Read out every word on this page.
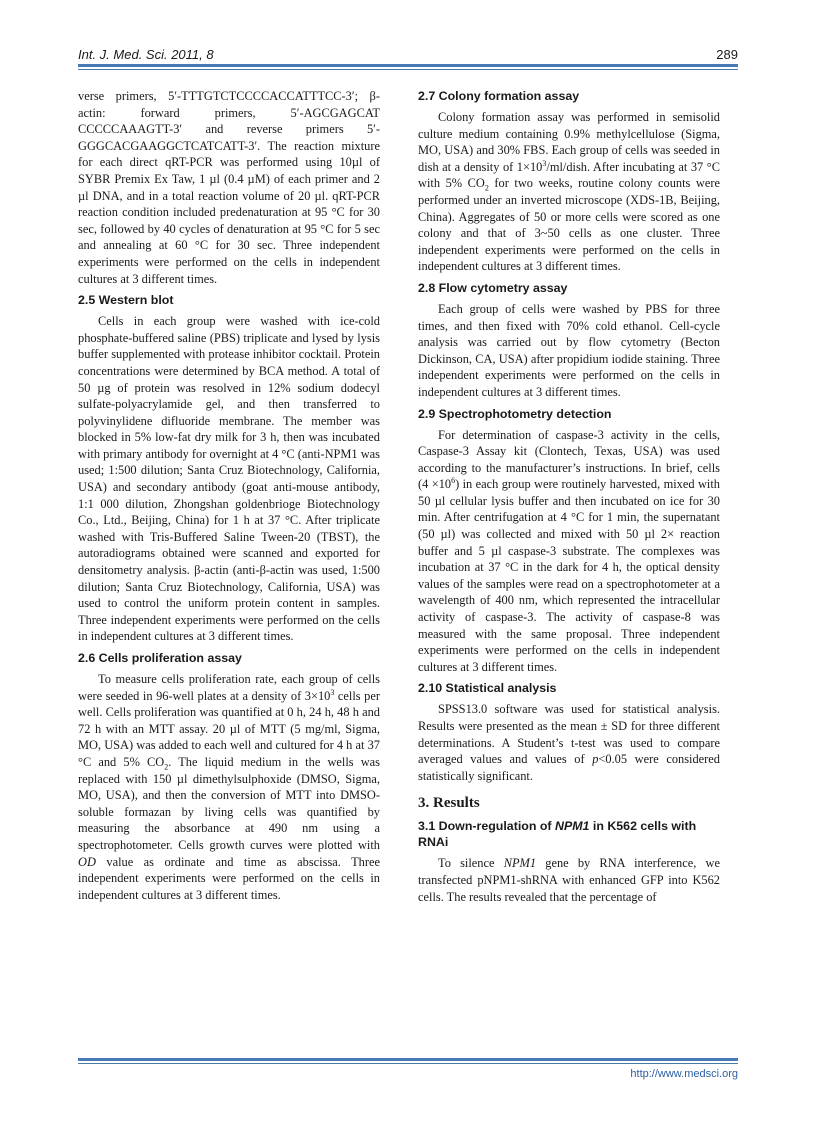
Int. J. Med. Sci. 2011, 8	289

verse primers, 5′-TTTGTCTCCCCACCATTTCC-3′; β-actin: forward primers, 5′-AGCGAGCAT CCCCCAAAGTT-3′ and reverse primers 5′-GGGCACGAAGGCTCATCATT-3′. The reaction mixture for each direct qRT-PCR was performed using 10µl of SYBR Premix Ex Taw, 1 µl (0.4 µM) of each primer and 2 µl DNA, and in a total reaction volume of 20 µl. qRT-PCR reaction condition included predenaturation at 95 °C for 30 sec, followed by 40 cycles of denaturation at 95 °C for 5 sec and annealing at 60 °C for 30 sec. Three independent experiments were performed on the cells in independent cultures at 3 different times.

2.5 Western blot

Cells in each group were washed with ice-cold phosphate-buffered saline (PBS) triplicate and lysed by lysis buffer supplemented with protease inhibitor cocktail. Protein concentrations were determined by BCA method. A total of 50 µg of protein was resolved in 12% sodium dodecyl sulfate-polyacrylamide gel, and then transferred to polyvinylidene difluoride membrane. The member was blocked in 5% low-fat dry milk for 3 h, then was incubated with primary antibody for overnight at 4 °C (anti-NPM1 was used; 1:500 dilution; Santa Cruz Biotechnology, California, USA) and secondary antibody (goat anti-mouse antibody, 1:1 000 dilution, Zhongshan goldenbrioge Biotechnology Co., Ltd., Beijing, China) for 1 h at 37 °C. After triplicate washed with Tris-Buffered Saline Tween-20 (TBST), the autoradiograms obtained were scanned and exported for densitometry analysis. β-actin (anti-β-actin was used, 1:500 dilution; Santa Cruz Biotechnology, California, USA) was used to control the uniform protein content in samples. Three independent experiments were performed on the cells in independent cultures at 3 different times.

2.6 Cells proliferation assay

To measure cells proliferation rate, each group of cells were seeded in 96-well plates at a density of $3\times 10^3$ cells per well. Cells proliferation was quantified at 0 h, 24 h, 48 h and 72 h with an MTT assay. 20 µl of MTT (5 mg/ml, Sigma, MO, USA) was added to each well and cultured for 4 h at 37 °C and 5% $CO_2$. The liquid medium in the wells was replaced with 150 µl dimethylsulphoxide (DMSO, Sigma, MO, USA), and then the conversion of MTT into DMSO-soluble formazan by living cells was quantified by measuring the absorbance at 490 nm using a spectrophotometer. Cells growth curves were plotted with OD value as ordinate and time as abscissa. Three independent experiments were performed on the cells in independent cultures at 3 different times.

2.7 Colony formation assay

Colony formation assay was performed in semisolid culture medium containing 0.9% methylcellulose (Sigma, MO, USA) and 30% FBS. Each group of cells was seeded in dish at a density of $1\times 10^3/ml$/dish. After incubating at 37 °C with 5% $CO_2$ for two weeks, routine colony counts were performed under an inverted microscope (XDS-1B, Beijing, China). Aggregates of 50 or more cells were scored as one colony and that of 3~50 cells as one cluster. Three independent experiments were performed on the cells in independent cultures at 3 different times.

2.8 Flow cytometry assay

Each group of cells were washed by PBS for three times, and then fixed with 70% cold ethanol. Cell-cycle analysis was carried out by flow cytometry (Becton Dickinson, CA, USA) after propidium iodide staining. Three independent experiments were performed on the cells in independent cultures at 3 different times.

2.9 Spectrophotometry detection

For determination of caspase-3 activity in the cells, Caspase-3 Assay kit (Clontech, Texas, USA) was used according to the manufacturer’s instructions. In brief, cells $(4 \times 10^6)$ in each group were routinely harvested, mixed with 50 µl cellular lysis buffer and then incubated on ice for 30 min. After centrifugation at 4 °C for 1 min, the supernatant (50 µl) was collected and mixed with 50 µl 2× reaction buffer and 5 µl caspase-3 substrate. The complexes was incubation at 37 °C in the dark for 4 h, the optical density values of the samples were read on a spectrophotometer at a wavelength of 400 nm, which represented the intracellular activity of caspase-3. The activity of caspase-8 was measured with the same proposal. Three independent experiments were performed on the cells in independent cultures at 3 different times.

2.10 Statistical analysis

SPSS13.0 software was used for statistical analysis. Results were presented as the mean ± SD for three different determinations. A Student’s t-test was used to compare averaged values and values of p<0.05 were considered statistically significant.

3. Results
3.1 Down-regulation of NPM1 in K562 cells with RNAi

To silence NPM1 gene by RNA interference, we transfected pNPM1-shRNA with enhanced GFP into K562 cells. The results revealed that the percentage of

http://www.medsci.org
